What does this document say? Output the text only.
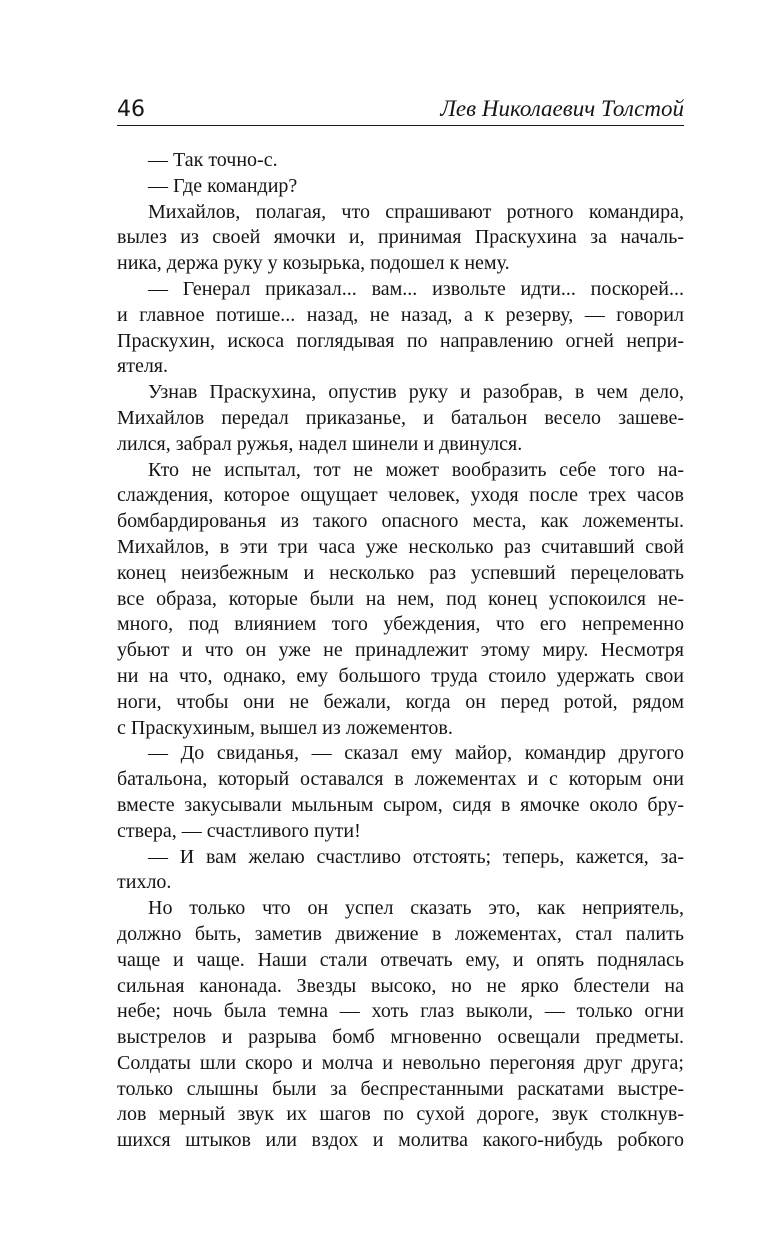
46	Лев Николаевич Толстой
— Так точно-с.
— Где командир?
Михайлов, полагая, что спрашивают ротного командира,
вылез из своей ямочки и, принимая Праскухина за началь-
ника, держа руку у козырька, подошел к нему.
— Генерал приказал... вам... извольте идти... поскорей...
и главное потише... назад, не назад, а к резерву, — говорил
Праскухин, искоса поглядывая по направлению огней непри-
ятеля.
Узнав Праскухина, опустив руку и разобрав, в чем дело,
Михайлов передал приказанье, и батальон весело зашеве-
лился, забрал ружья, надел шинели и двинулся.
Кто не испытал, тот не может вообразить себе того на-
слаждения, которое ощущает человек, уходя после трех часов
бомбардированья из такого опасного места, как ложементы.
Михайлов, в эти три часа уже несколько раз считавший свой
конец неизбежным и несколько раз успевший перецеловать
все образа, которые были на нем, под конец успокоился не-
много, под влиянием того убеждения, что его непременно
убьют и что он уже не принадлежит этому миру. Несмотря
ни на что, однако, ему большого труда стоило удержать свои
ноги, чтобы они не бежали, когда он перед ротой, рядом
с Праскухиным, вышел из ложементов.
— До свиданья, — сказал ему майор, командир другого
батальона, который оставался в ложементах и с которым они
вместе закусывали мыльным сыром, сидя в ямочке около бру-
ствера, — счастливого пути!
— И вам желаю счастливо отстоять; теперь, кажется, за-
тихло.
Но только что он успел сказать это, как неприятель,
должно быть, заметив движение в ложементах, стал палить
чаще и чаще. Наши стали отвечать ему, и опять поднялась
сильная канонада. Звезды высоко, но не ярко блестели на
небе; ночь была темна — хоть глаз выколи, — только огни
выстрелов и разрыва бомб мгновенно освещали предметы.
Солдаты шли скоро и молча и невольно перегоняя друг друга;
только слышны были за беспрестанными раскатами выстре-
лов мерный звук их шагов по сухой дороге, звук столкнув-
шихся штыков или вздох и молитва какого-нибудь робкого
